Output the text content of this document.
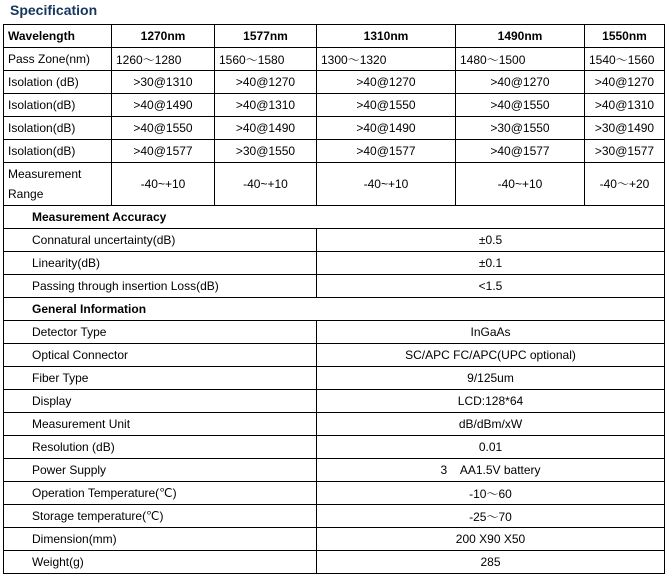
Specification
Wavelength	1270nm	1577nm	1310nm	1490nm	1550nm
Pass Zone(nm)	1260～1280	1560～1580	1300～1320	1480～1500	1540～1560
Isolation (dB)	>30@1310	>40@1270	>40@1270	>40@1270	>40@1270
Isolation(dB)	>40@1490	>40@1310	>40@1550	>40@1550	>40@1310
Isolation(dB)	>40@1550	>40@1490	>40@1490	>30@1550	>30@1490
Isolation(dB)	>40@1577	>30@1550	>40@1577	>40@1577	>30@1577
Measurement Range	-40~+10	-40~+10	-40~+10	-40~+10	-40～+20
Measurement Accuracy					
Connatural uncertainty(dB)			±0.5		
Linearity(dB)			±0.1		
Passing through insertion Loss(dB)			<1.5		
General Information					
Detector Type			InGaAs		
Optical Connector			SC/APC FC/APC(UPC optional)		
Fiber Type			9/125um		
Display			LCD:128*64		
Measurement Unit			dB/dBm/xW		
Resolution (dB)			0.01		
Power Supply			3    AA1.5V battery		
Operation Temperature(℃)			-10～60		
Storage temperature(℃)			-25～70		
Dimension(mm)			200 X90 X50		
Weight(g)			285		
